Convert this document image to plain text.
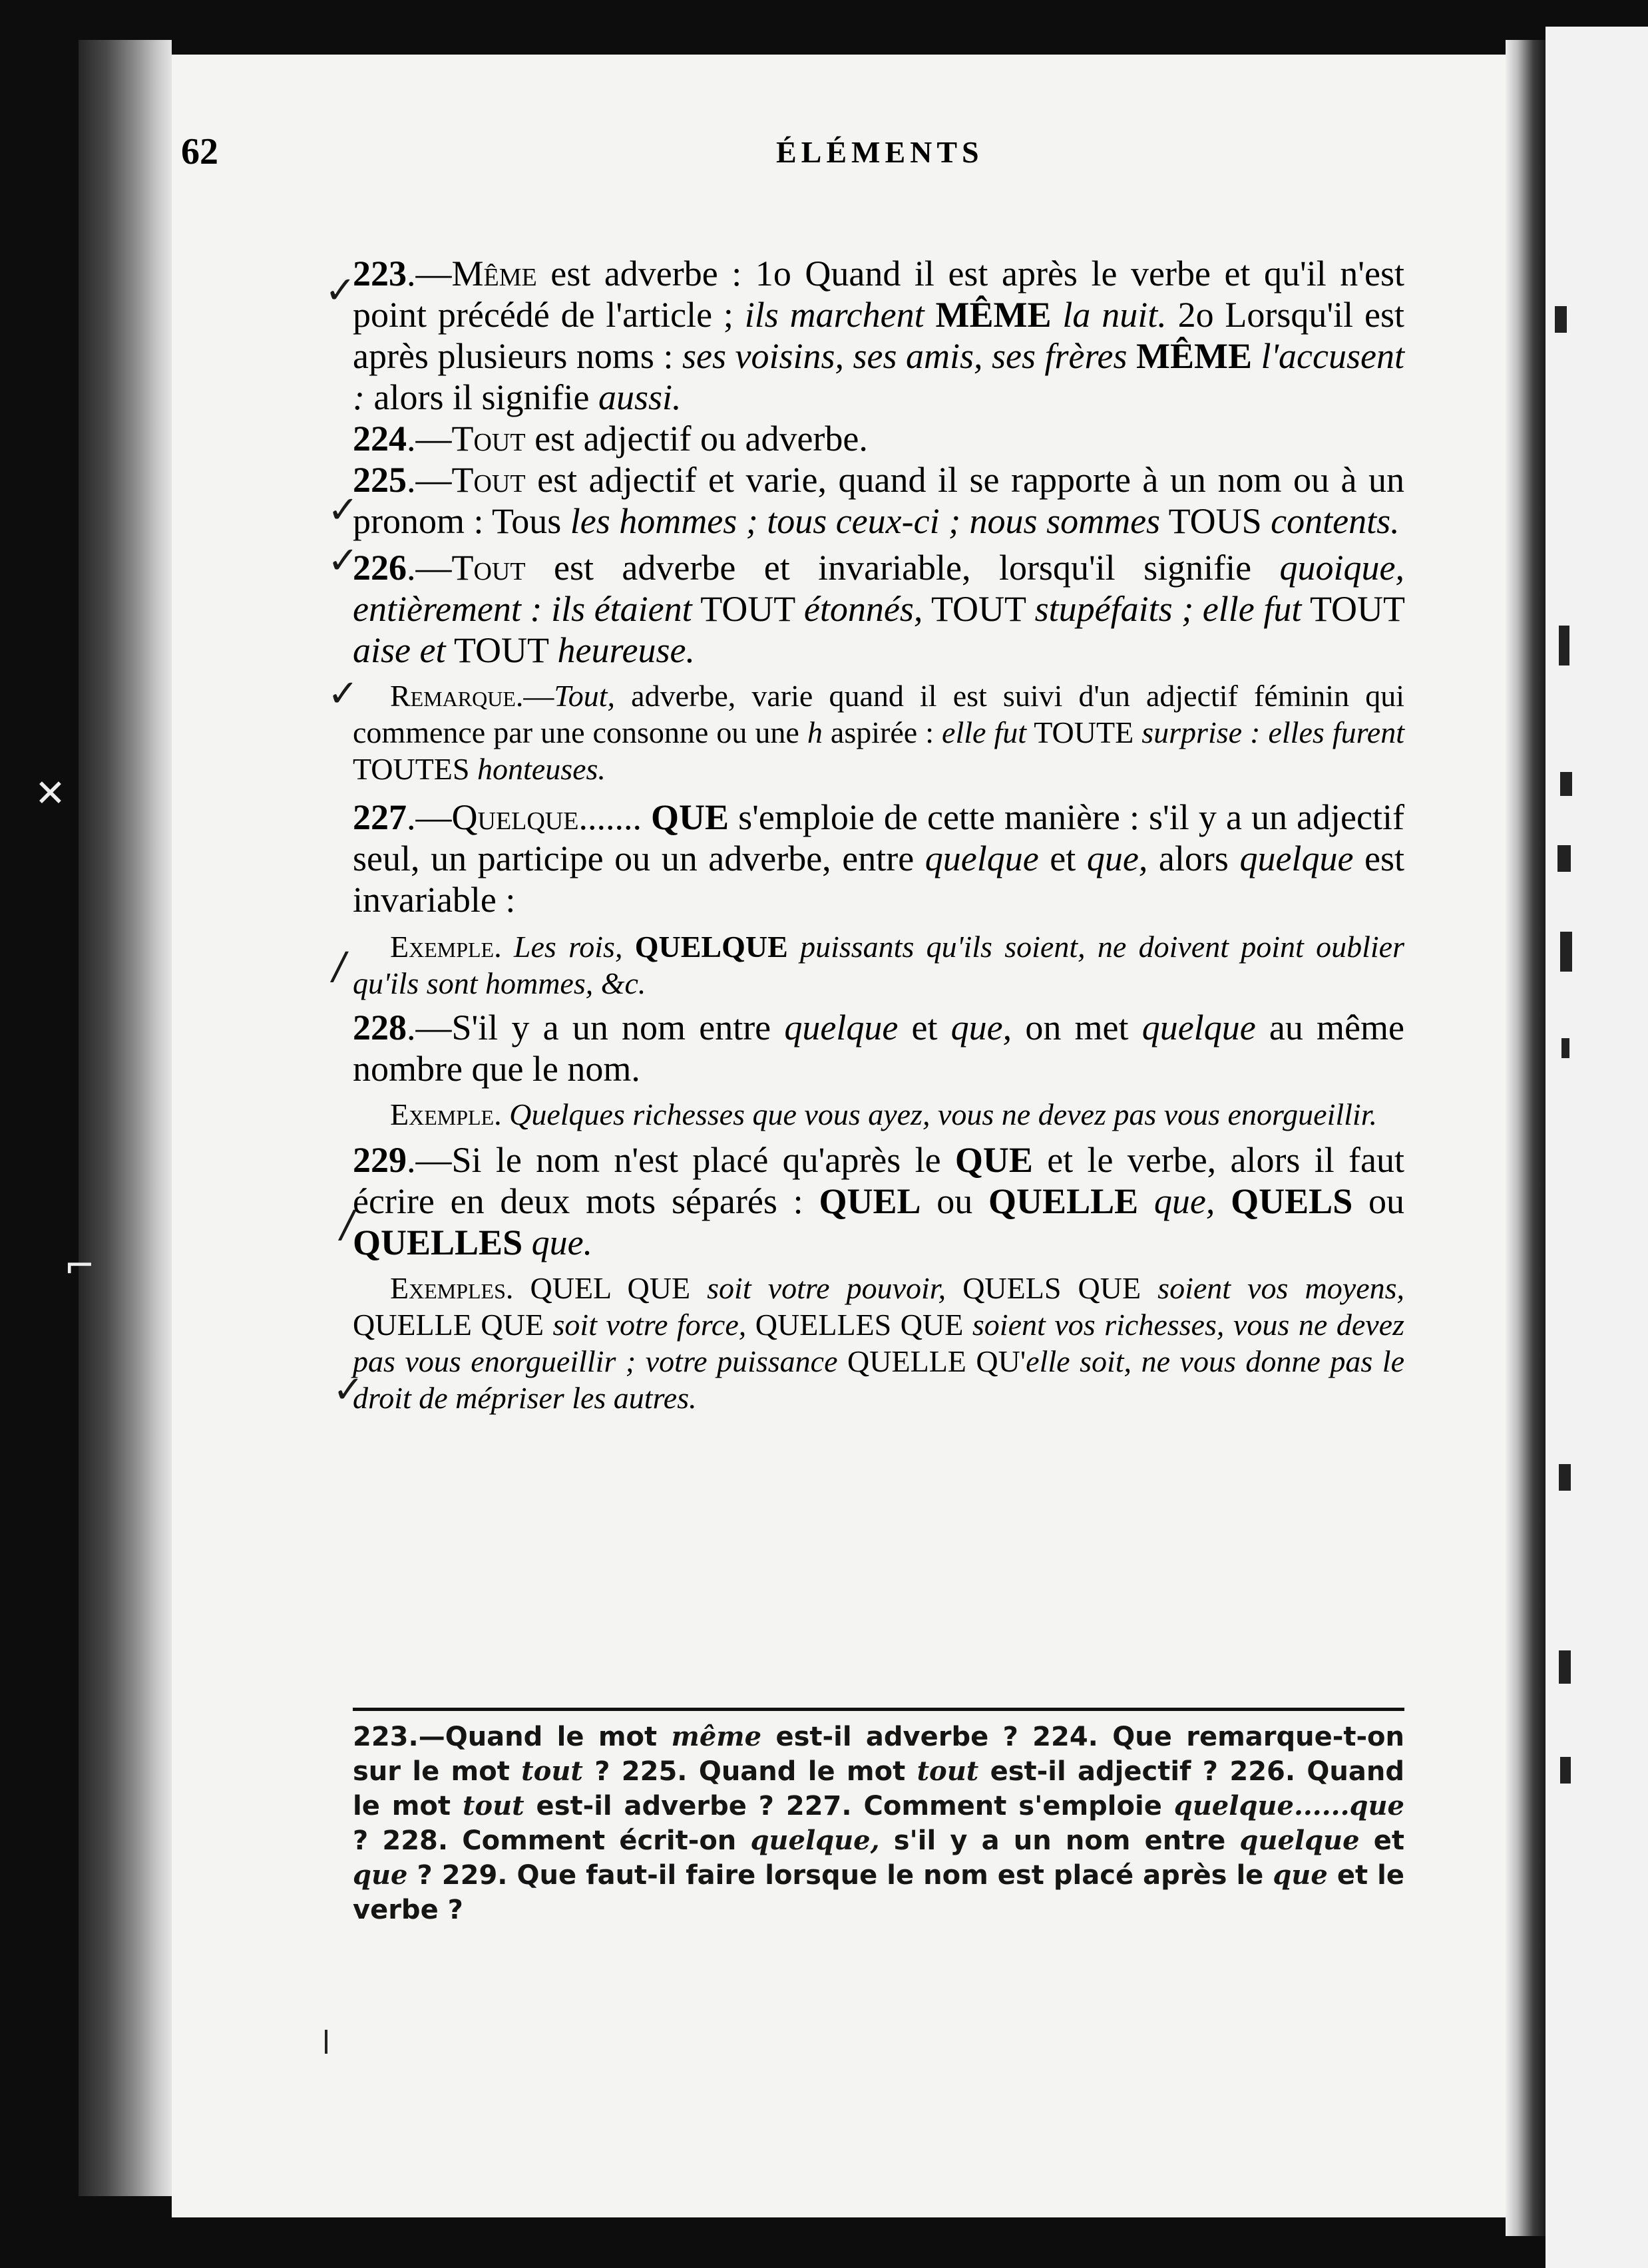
62	ÉLÉMENTS
✓
✓
✓
✓
/
/
✓
✕
⌐

223.—Même est adverbe : 1o Quand il est après le verbe et qu'il n'est point précédé de l'article ; ils marchent MÊME la nuit. 2o Lorsqu'il est après plusieurs noms : ses voisins, ses amis, ses frères MÊME l'accusent : alors il signifie aussi.

224.—Tout est adjectif ou adverbe.

225.—Tout est adjectif et varie, quand il se rapporte à un nom ou à un pronom : Tous les hommes ; tous ceux-ci ; nous sommes TOUS contents.

226.—Tout est adverbe et invariable, lorsqu'il signifie quoique, entièrement : ils étaient TOUT étonnés, TOUT stupéfaits ; elle fut TOUT aise et TOUT heureuse.

Remarque.—Tout, adverbe, varie quand il est suivi d'un adjectif féminin qui commence par une consonne ou une h aspirée : elle fut TOUTE surprise : elles furent TOUTES honteuses.

227.—Quelque....... QUE s'emploie de cette manière : s'il y a un adjectif seul, un participe ou un adverbe, entre quelque et que, alors quelque est invariable :

Exemple. Les rois, QUELQUE puissants qu'ils soient, ne doivent point oublier qu'ils sont hommes, &c.

228.—S'il y a un nom entre quelque et que, on met quelque au même nombre que le nom.

Exemple. Quelques richesses que vous ayez, vous ne devez pas vous enorgueillir.

229.—Si le nom n'est placé qu'après le QUE et le verbe, alors il faut écrire en deux mots séparés : QUEL ou QUELLE que, QUELS ou QUELLES que.

Exemples. QUEL QUE soit votre pouvoir, QUELS QUE soient vos moyens, QUELLE QUE soit votre force, QUELLES QUE soient vos richesses, vous ne devez pas vous enorgueillir ; votre puissance QUELLE QU'elle soit, ne vous donne pas le droit de mépriser les autres.

223.—Quand le mot même est-il adverbe ? 224. Que remarque-t-on sur le mot tout ? 225. Quand le mot tout est-il adjectif ? 226. Quand le mot tout est-il adverbe ? 227. Comment s'emploie quelque......que ? 228. Comment écrit-on quelque, s'il y a un nom entre quelque et que ? 229. Que faut-il faire lorsque le nom est placé après le que et le verbe ?
